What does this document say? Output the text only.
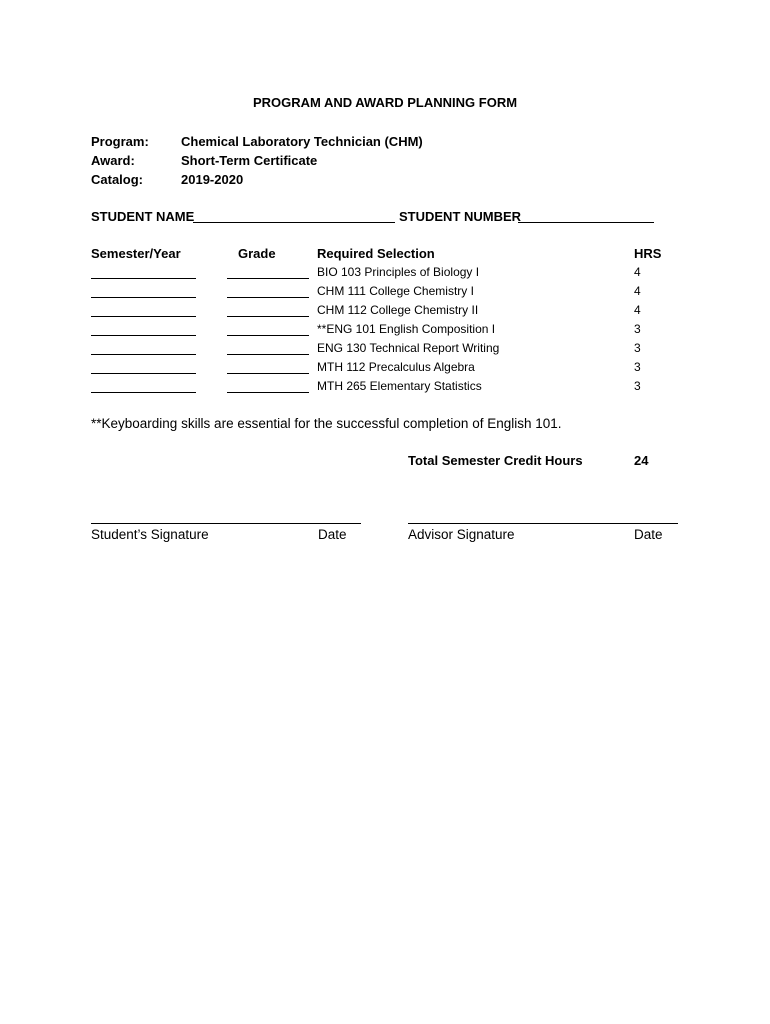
PROGRAM AND AWARD PLANNING FORM
Program: Chemical Laboratory Technician (CHM)
Award:	Short-Term Certificate
Catalog:	2019-2020
STUDENT NAME	STUDENT NUMBER
Semester/Year	Grade	Required Selection	HRS
BIO 103 Principles of Biology I	4
CHM 111 College Chemistry I	4
CHM 112 College Chemistry II	4
**ENG 101 English Composition I	3
ENG 130 Technical Report Writing	3
MTH 112 Precalculus Algebra	3
MTH 265 Elementary Statistics	3
**Keyboarding skills are essential for the successful completion of English 101.
Total Semester Credit Hours	24
Student’s Signature	Date	Advisor Signature	Date
